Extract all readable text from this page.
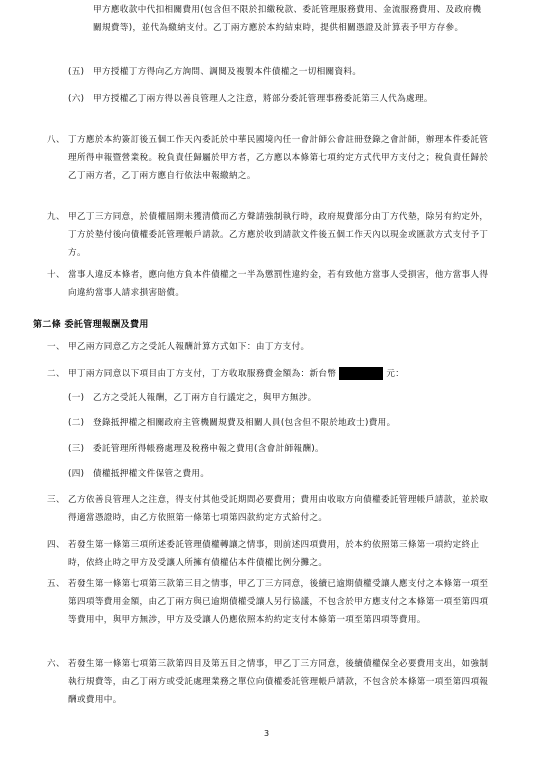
甲方應收款中代扣相關費用(包含但不限於扣繳稅款、委託管理服務費用、金流服務費用、及政府機關規費等)，並代為繳納支付。乙丁兩方應於本約結束時，提供相關憑證及計算表予甲方存參。
(五) 甲方授權丁方得向乙方詢問、調閱及複製本件債權之一切相關資料。
(六) 甲方授權乙丁兩方得以善良管理人之注意，將部分委託管理事務委託第三人代為處理。
八、 丁方應於本約簽訂後五個工作天內委託於中華民國境內任一會計師公會註冊登錄之會計師，辦理本件委託管理所得申報暨營業稅。稅負責任歸屬於甲方者，乙方應以本條第七項約定方式代甲方支付之；稅負責任歸於乙丁兩方者，乙丁兩方應自行依法申報繳納之。
九、 甲乙丁三方同意，於債權屆期未獲清償而乙方聲請強制執行時，政府規費部分由丁方代墊，除另有約定外，丁方於墊付後向債權委託管理帳戶請款。乙方應於收到請款文件後五個工作天內以現金或匯款方式支付予丁方。
十、 當事人違反本條者，應向他方負本件債權之一半為懲罰性違約金，若有致他方當事人受損害，他方當事人得向違約當事人請求損害賠償。
第二條 委託管理報酬及費用
一、 甲乙兩方同意乙方之受託人報酬計算方式如下：由丁方支付。
二、 甲丁兩方同意以下項目由丁方支付，丁方收取服務費金額為：新台幣	元：
(一) 乙方之受託人報酬，乙丁兩方自行議定之，與甲方無涉。
(二) 登錄抵押權之相關政府主管機關規費及相關人員(包含但不限於地政士)費用。
(三) 委託管理所得帳務處理及稅務申報之費用(含會計師報酬)。
(四) 債權抵押權文件保管之費用。
三、 乙方依善良管理人之注意，得支付其他受託期間必要費用；費用由收取方向債權委託管理帳戶請款，並於取得適當憑證時，由乙方依照第一條第七項第四款約定方式給付之。
四、 若發生第一條第三項所述委託管理債權轉讓之情事，則前述四項費用，於本約依照第三條第一項約定終止時，依終止時之甲方及受讓人所擁有債權佔本件債權比例分攤之。
五、 若發生第一條第七項第三款第三目之情事，甲乙丁三方同意，後續已逾期債權受讓人應支付之本條第一項至第四項等費用金額，由乙丁兩方與已逾期債權受讓人另行協議，不包含於甲方應支付之本條第一項至第四項等費用中，與甲方無涉，甲方及受讓人仍應依照本約約定支付本條第一項至第四項等費用。
六、 若發生第一條第七項第三款第四目及第五目之情事，甲乙丁三方同意，後續債權保全必要費用支出，如強制執行規費等，由乙丁兩方或受託處理業務之單位向債權委託管理帳戶請款，不包含於本條第一項至第四項報酬或費用中。
3
